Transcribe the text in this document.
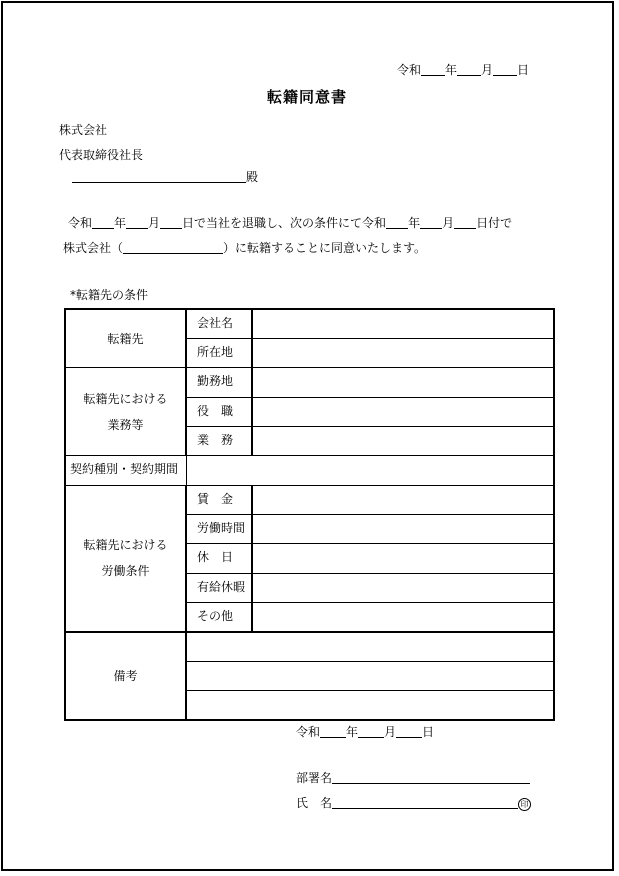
令和 年 月 日
転籍同意書
株式会社
代表取締役社長
殿
令和 年 月 日で当社を退職し、次の条件にて令和 年 月 日付で
株式会社（	）に転籍することに同意いたします。
*転籍先の条件
転籍先	会社名	
	所在地	
転籍先における
業務等	勤務地	
	役　職	
	業　務	
契約種別・契約期間		
転籍先における
労働条件	賃　金	
	労働時間	
	休　日	
	有給休暇	
	その他	
備考		

令和 年 月 日
部署名
氏　名	印
